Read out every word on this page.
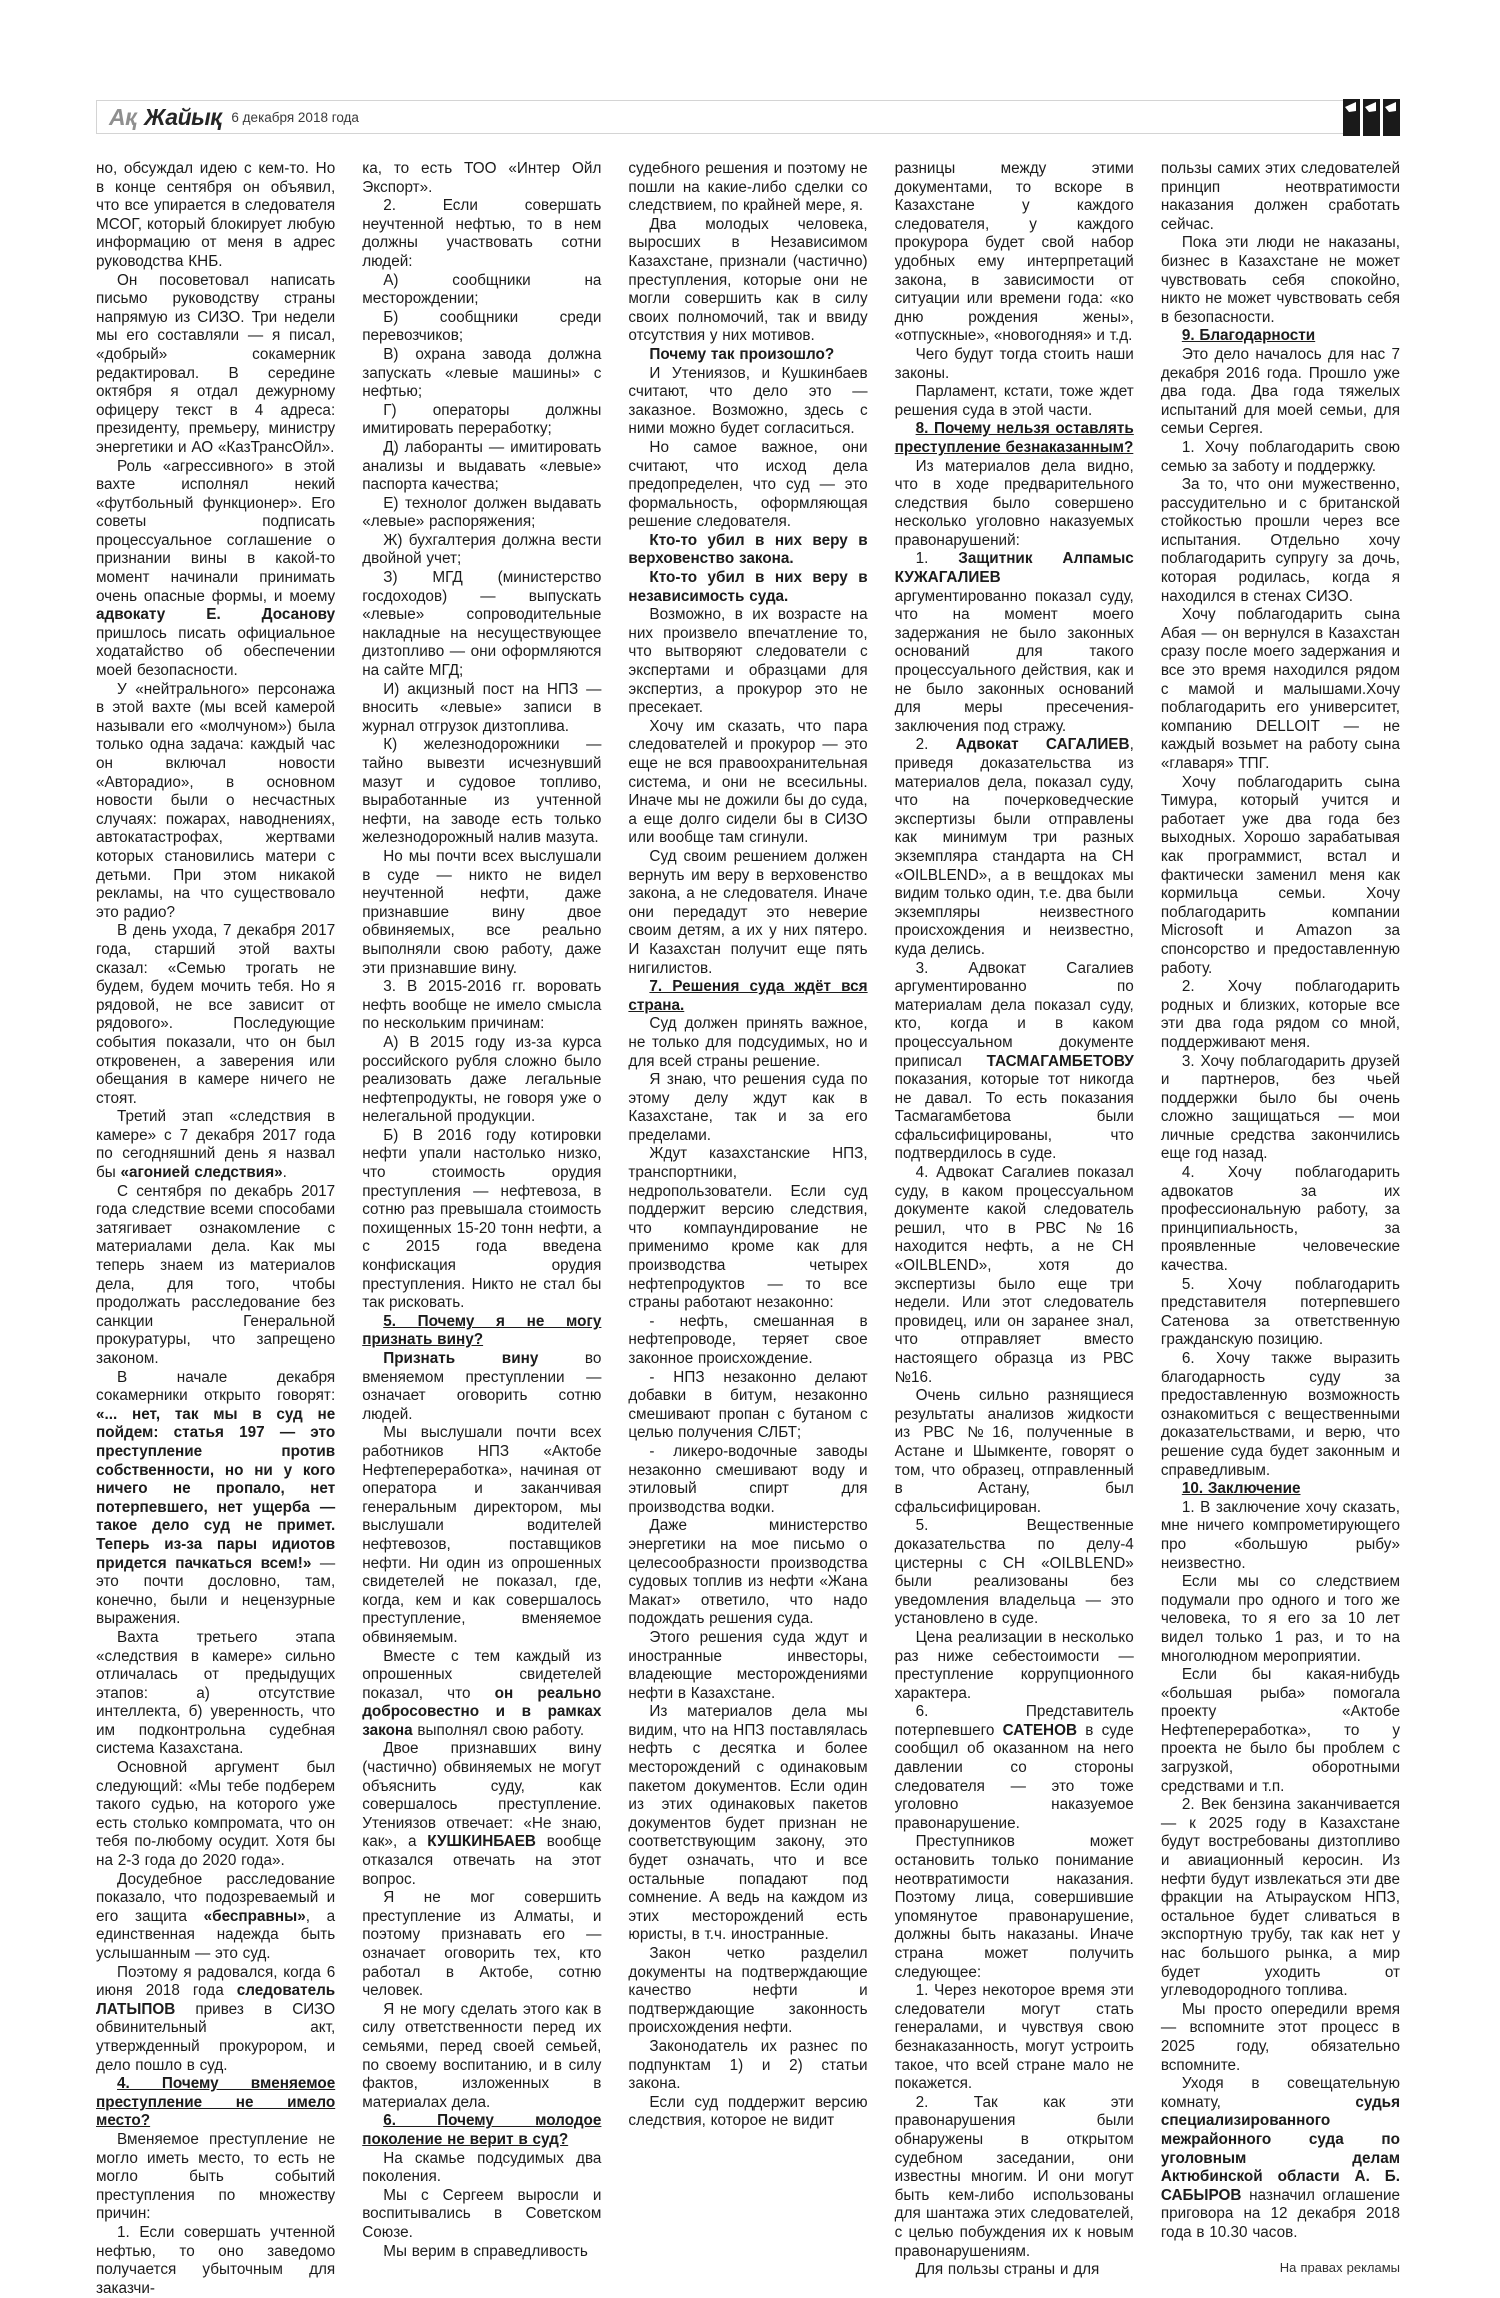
Ақ Жайық 6 декабря 2018 года

но, обсуждал идею с кем-то. Но в конце сентября он объявил, что все упирается в следователя МСОГ, который блокирует любую информацию от меня в адрес руководства КНБ.

Он посоветовал написать письмо руководству страны напрямую из СИЗО. Три недели мы его составляли — я писал, «добрый» сокамерник редактировал. В середине октября я отдал дежурному офицеру текст в 4 адреса: президенту, премьеру, министру энергетики и АО «КазТрансОйл».

Роль «агрессивного» в этой вахте исполнял некий «футбольный функционер». Его советы подписать процессуальное соглашение о признании вины в какой-то момент начинали принимать очень опасные формы, и моему адвокату Е. Досанову пришлось писать официальное ходатайство об обеспечении моей безопасности.

У «нейтрального» персонажа в этой вахте (мы всей камерой называли его «молчуном») была только одна задача: каждый час он включал новости «Авторадио», в основном новости были о несчастных случаях: пожарах, наводнениях, автокатастрофах, жертвами которых становились матери с детьми. При этом никакой рекламы, на что существовало это радио?

В день ухода, 7 декабря 2017 года, старший этой вахты сказал: «Семью трогать не будем, будем мочить тебя. Но я рядовой, не все зависит от рядового». Последующие события показали, что он был откровенен, а заверения или обещания в камере ничего не стоят.

Третий этап «следствия в камере» с 7 декабря 2017 года по сегодняшний день я назвал бы «агонией следствия».

С сентября по декабрь 2017 года следствие всеми способами затягивает ознакомление с материалами дела. Как мы теперь знаем из материалов дела, для того, чтобы продолжать расследование без санкции Генеральной прокуратуры, что запрещено законом.

В начале декабря сокамерники открыто говорят: «... нет, так мы в суд не пойдем: статья 197 — это преступление против собственности, но ни у кого ничего не пропало, нет потерпевшего, нет ущерба — такое дело суд не примет. Теперь из-за пары идиотов придется пачкаться всем!» — это почти дословно, там, конечно, были и нецензурные выражения.

Вахта третьего этапа «следствия в камере» сильно отличалась от предыдущих этапов: а) отсутствие интеллекта, б) уверенность, что им подконтрольна судебная система Казахстана.

Основной аргумент был следующий: «Мы тебе подберем такого судью, на которого уже есть столько компромата, что он тебя по-любому осудит. Хотя бы на 2-3 года до 2020 года».

Досудебное расследование показало, что подозреваемый и его защита «бесправны», а единственная надежда быть услышанным — это суд.

Поэтому я радовался, когда 6 июня 2018 года следователь ЛАТЫПОВ привез в СИЗО обвинительный акт, утвержденный прокурором, и дело пошло в суд.

4. Почему вменяемое преступление не имело место?

Вменяемое преступление не могло иметь место, то есть не могло быть событий преступления по множеству причин:

1. Если совершать учтенной нефтью, то оно заведомо получается убыточным для заказчи-

ка, то есть ТОО «Интер Ойл Экспорт».

2. Если совершать неучтенной нефтью, то в нем должны участвовать сотни людей:

А) сообщники на месторождении;

Б) сообщники среди перевозчиков;

В) охрана завода должна запускать «левые машины» с нефтью;

Г) операторы должны имитировать переработку;

Д) лаборанты — имитировать анализы и выдавать «левые» паспорта качества;

Е) технолог должен выдавать «левые» распоряжения;

Ж) бухгалтерия должна вести двойной учет;

З) МГД (министерство госдоходов) — выпускать «левые» сопроводительные накладные на несуществующее дизтопливо — они оформляются на сайте МГД;

И) акцизный пост на НПЗ — вносить «левые» записи в журнал отгрузок дизтоплива.

К) железнодорожники — тайно вывезти исчезнувший мазут и судовое топливо, выработанные из учтенной нефти, на заводе есть только железнодорожный налив мазута.

Но мы почти всех выслушали в суде — никто не видел неучтенной нефти, даже признавшие вину двое обвиняемых, все реально выполняли свою работу, даже эти признавшие вину.

3. В 2015-2016 гг. воровать нефть вообще не имело смысла по нескольким причинам:

А) В 2015 году из-за курса российского рубля сложно было реализовать даже легальные нефтепродукты, не говоря уже о нелегальной продукции.

Б) В 2016 году котировки нефти упали настолько низко, что стоимость орудия преступления — нефтевоза, в сотню раз превышала стоимость похищенных 15-20 тонн нефти, а с 2015 года введена конфискация орудия преступления. Никто не стал бы так рисковать.

5. Почему я не могу признать вину?

Признать вину во вменяемом преступлении — означает оговорить сотню людей.

Мы выслушали почти всех работников НПЗ «Актобе Нефтепереработка», начиная от оператора и заканчивая генеральным директором, мы выслушали водителей нефтевозов, поставщиков нефти. Ни один из опрошенных свидетелей не показал, где, когда, кем и как совершалось преступление, вменяемое обвиняемым.

Вместе с тем каждый из опрошенных свидетелей показал, что он реально добросовестно и в рамках закона выполнял свою работу.

Двое признавших вину (частично) обвиняемых не могут объяснить суду, как совершалось преступление. Утениязов отвечает: «Не знаю, как», а КУШКИНБАЕВ вообще отказался отвечать на этот вопрос.

Я не мог совершить преступление из Алматы, и поэтому признавать его — означает оговорить тех, кто работал в Актобе, сотню человек.

Я не могу сделать этого как в силу ответственности перед их семьями, перед своей семьей, по своему воспитанию, и в силу фактов, изложенных в материалах дела.

6. Почему молодое поколение не верит в суд?

На скамье подсудимых два поколения.

Мы с Сергеем выросли и воспитывались в Советском Союзе.

Мы верим в справедливость

судебного решения и поэтому не пошли на какие-либо сделки со следствием, по крайней мере, я.

Два молодых человека, выросших в Независимом Казахстане, признали (частично) преступления, которые они не могли совершить как в силу своих полномочий, так и ввиду отсутствия у них мотивов.

Почему так произошло?

И Утениязов, и Кушкинбаев считают, что дело это — заказное. Возможно, здесь с ними можно будет согласиться.

Но самое важное, они считают, что исход дела предопределен, что суд — это формальность, оформляющая решение следователя.

Кто-то убил в них веру в верховенство закона.

Кто-то убил в них веру в независимость суда.

Возможно, в их возрасте на них произвело впечатление то, что вытворяют следователи с экспертами и образцами для экспертиз, а прокурор это не пресекает.

Хочу им сказать, что пара следователей и прокурор — это еще не вся правоохранительная система, и они не всесильны. Иначе мы не дожили бы до суда, а еще долго сидели бы в СИЗО или вообще там сгинули.

Суд своим решением должен вернуть им веру в верховенство закона, а не следователя. Иначе они передадут это неверие своим детям, а их у них пятеро. И Казахстан получит еще пять нигилистов.

7. Решения суда ждёт вся страна.

Суд должен принять важное, не только для подсудимых, но и для всей страны решение.

Я знаю, что решения суда по этому делу ждут как в Казахстане, так и за его пределами.

Ждут казахстанские НПЗ, транспортники, недропользователи. Если суд поддержит версию следствия, что компаундирование не применимо кроме как для производства четырех нефтепродуктов — то все страны работают незаконно:

- нефть, смешанная в нефтепроводе, теряет свое законное происхождение.

- НПЗ незаконно делают добавки в битум, незаконно смешивают пропан с бутаном с целью получения СЛБТ;

- ликеро-водочные заводы незаконно смешивают воду и этиловый спирт для производства водки.

Даже министерство энергетики на мое письмо о целесообразности производства судовых топлив из нефти «Жана Макат» ответило, что надо подождать решения суда.

Этого решения суда ждут и иностранные инвесторы, владеющие месторождениями нефти в Казахстане.

Из материалов дела мы видим, что на НПЗ поставлялась нефть с десятка и более месторождений с одинаковым пакетом документов. Если один из этих одинаковых пакетов документов будет признан не соответствующим закону, это будет означать, что и все остальные попадают под сомнение. А ведь на каждом из этих месторождений есть юристы, в т.ч. иностранные.

Закон четко разделил документы на подтверждающие качество нефти и подтверждающие законность происхождения нефти.

Законодатель их разнес по подпунктам 1) и 2) статьи закона.

Если суд поддержит версию следствия, которое не видит

разницы между этими документами, то вскоре в Казахстане у каждого следователя, у каждого прокурора будет свой набор удобных ему интерпретаций закона, в зависимости от ситуации или времени года: «ко дню рождения жены», «отпускные», «новогодняя» и т.д.

Чего будут тогда стоить наши законы.

Парламент, кстати, тоже ждет решения суда в этой части.

8. Почему нельзя оставлять преступление безнаказанным?

Из материалов дела видно, что в ходе предварительного следствия было совершено несколько уголовно наказуемых правонарушений:

1. Защитник Алпамыс КУЖАГАЛИЕВ аргументированно показал суду, что на момент моего задержания не было законных оснований для такого процессуального действия, как и не было законных оснований для меры пресечения-заключения под стражу.

2. Адвокат САГАЛИЕВ, приведя доказательства из материалов дела, показал суду, что на почерковедческие экспертизы были отправлены как минимум три разных экземпляра стандарта на СН «OILBLEND», а в вещдоках мы видим только один, т.е. два были экземпляры неизвестного происхождения и неизвестно, куда делись.

3. Адвокат Сагалиев аргументированно по материалам дела показал суду, кто, когда и в каком процессуальном документе приписал ТАСМАГАМБЕТОВУ показания, которые тот никогда не давал. То есть показания Тасмагамбетова были сфальсифицированы, что подтвердилось в суде.

4. Адвокат Сагалиев показал суду, в каком процессуальном документе какой следователь решил, что в РВС №16 находится нефть, а не СН «OILBLEND», хотя до экспертизы было еще три недели. Или этот следователь провидец, или он заранее знал, что отправляет вместо настоящего образца из РВС №16.

Очень сильно разнящиеся результаты анализов жидкости из РВС №16, полученные в Астане и Шымкенте, говорят о том, что образец, отправленный в Астану, был сфальсифицирован.

5. Вещественные доказательства по делу-4 цистерны с СН «OILBLEND» были реализованы без уведомления владельца — это установлено в суде.

Цена реализации в несколько раз ниже себестоимости — преступление коррупционного характера.

6. Представитель потерпевшего САТЕНОВ в суде сообщил об оказанном на него давлении со стороны следователя — это тоже уголовно наказуемое правонарушение.

Преступников может остановить только понимание неотвратимости наказания. Поэтому лица, совершившие упомянутое правонарушение, должны быть наказаны. Иначе страна может получить следующее:

1. Через некоторое время эти следователи могут стать генералами, и чувствуя свою безнаказанность, могут устроить такое, что всей стране мало не покажется.

2. Так как эти правонарушения были обнаружены в открытом судебном заседании, они известны многим. И они могут быть кем-либо использованы для шантажа этих следователей, с целью побуждения их к новым правонарушениям.

Для пользы страны и для

пользы самих этих следователей принцип неотвратимости наказания должен сработать сейчас.

Пока эти люди не наказаны, бизнес в Казахстане не может чувствовать себя спокойно, никто не может чувствовать себя в безопасности.

9. Благодарности

Это дело началось для нас 7 декабря 2016 года. Прошло уже два года. Два года тяжелых испытаний для моей семьи, для семьи Сергея.

1. Хочу поблагодарить свою семью за заботу и поддержку.

За то, что они мужественно, рассудительно и с британской стойкостью прошли через все испытания. Отдельно хочу поблагодарить супругу за дочь, которая родилась, когда я находился в стенах СИЗО.

Хочу поблагодарить сына Абая — он вернулся в Казахстан сразу после моего задержания и все это время находился рядом с мамой и малышами.Хочу поблагодарить его университет, компанию DELLOIT — не каждый возьмет на работу сына «главаря» ТПГ.

Хочу поблагодарить сына Тимура, который учится и работает уже два года без выходных. Хорошо зарабатывая как программист, встал и фактически заменил меня как кормильца семьи. Хочу поблагодарить компании Microsoft и Amazon за спонсорство и предоставленную работу.

2. Хочу поблагодарить родных и близких, которые все эти два года рядом со мной, поддерживают меня.

3. Хочу поблагодарить друзей и партнеров, без чьей поддержки было бы очень сложно защищаться — мои личные средства закончились еще год назад.

4. Хочу поблагодарить адвокатов за их профессиональную работу, за принципиальность, за проявленные человеческие качества.

5. Хочу поблагодарить представителя потерпевшего Сатенова за ответственную гражданскую позицию.

6. Хочу также выразить благодарность суду за предоставленную возможность ознакомиться с вещественными доказательствами, и верю, что решение суда будет законным и справедливым.

10. Заключение

1. В заключение хочу сказать, мне ничего компрометирующего про «большую рыбу» неизвестно.

Если мы со следствием подумали про одного и того же человека, то я его за 10 лет видел только 1 раз, и то на многолюдном мероприятии.

Если бы какая-нибудь «большая рыба» помогала проекту «Актобе Нефтепереработка», то у проекта не было бы проблем с загрузкой, оборотными средствами и т.п.

2. Век бензина заканчивается — к 2025 году в Казахстане будут востребованы дизтопливо и авиационный керосин. Из нефти будут извлекаться эти две фракции на Атырауском НПЗ, остальное будет сливаться в экспортную трубу, так как нет у нас большого рынка, а мир будет уходить от углеводородного топлива.

Мы просто опередили время — вспомните этот процесс в 2025 году, обязательно вспомните.

Уходя в совещательную комнату, судья специализированного межрайонного суда по уголовным делам Актюбинской области А. Б. САБЫРОВ назначил оглашение приговора на 12 декабря 2018 года в 10.30 часов.

На правах рекламы
